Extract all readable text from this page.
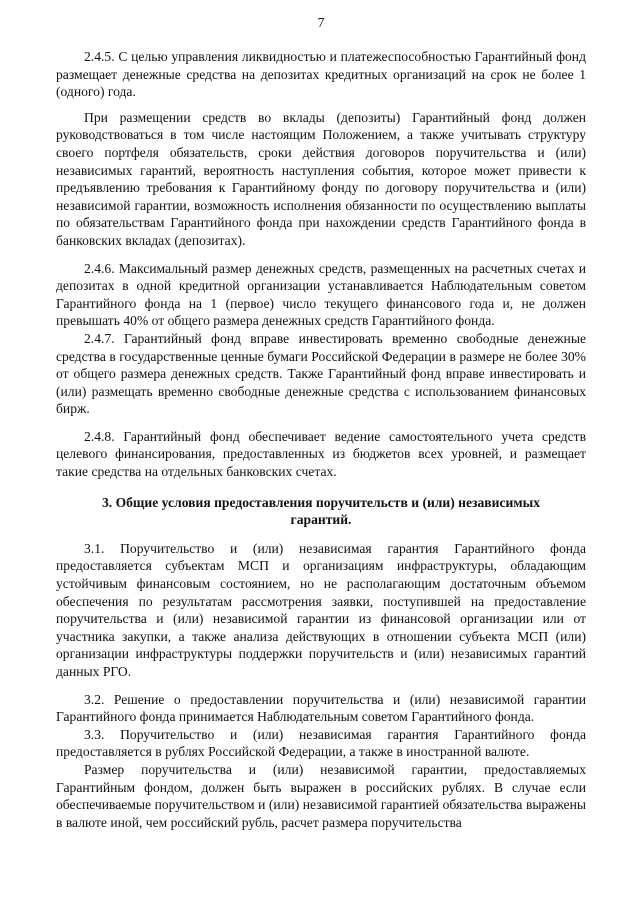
7

2.4.5. С целью управления ликвидностью и платежеспособностью Гарантийный фонд размещает денежные средства на депозитах кредитных организаций на срок не более 1 (одного) года.

При размещении средств во вклады (депозиты) Гарантийный фонд должен руководствоваться в том числе настоящим Положением, а также учитывать структуру своего портфеля обязательств, сроки действия договоров поручительства и (или) независимых гарантий, вероятность наступления события, которое может привести к предъявлению требования к Гарантийному фонду по договору поручительства и (или) независимой гарантии, возможность исполнения обязанности по осуществлению выплаты по обязательствам Гарантийного фонда при нахождении средств Гарантийного фонда в банковских вкладах (депозитах).

2.4.6. Максимальный размер денежных средств, размещенных на расчетных счетах и депозитах в одной кредитной организации устанавливается Наблюдательным советом Гарантийного фонда на 1 (первое) число текущего финансового года и, не должен превышать 40% от общего размера денежных средств Гарантийного фонда.

2.4.7. Гарантийный фонд вправе инвестировать временно свободные денежные средства в государственные ценные бумаги Российской Федерации в размере не более 30% от общего размера денежных средств. Также Гарантийный фонд вправе инвестировать и (или) размещать временно свободные денежные средства с использованием финансовых бирж.

2.4.8. Гарантийный фонд обеспечивает ведение самостоятельного учета средств целевого финансирования, предоставленных из бюджетов всех уровней, и размещает такие средства на отдельных банковских счетах.

3. Общие условия предоставления поручительств и (или) независимых гарантий.

3.1. Поручительство и (или) независимая гарантия Гарантийного фонда предоставляется субъектам МСП и организациям инфраструктуры, обладающим устойчивым финансовым состоянием, но не располагающим достаточным объемом обеспечения по результатам рассмотрения заявки, поступившей на предоставление поручительства и (или) независимой гарантии из финансовой организации или от участника закупки, а также анализа действующих в отношении субъекта МСП (или) организации инфраструктуры поддержки поручительств и (или) независимых гарантий данных РГО.

3.2. Решение о предоставлении поручительства и (или) независимой гарантии Гарантийного фонда принимается Наблюдательным советом Гарантийного фонда.

3.3. Поручительство и (или) независимая гарантия Гарантийного фонда предоставляется в рублях Российской Федерации, а также в иностранной валюте.

Размер поручительства и (или) независимой гарантии, предоставляемых Гарантийным фондом, должен быть выражен в российских рублях. В случае если обеспечиваемые поручительством и (или) независимой гарантией обязательства выражены в валюте иной, чем российский рубль, расчет размера поручительства
